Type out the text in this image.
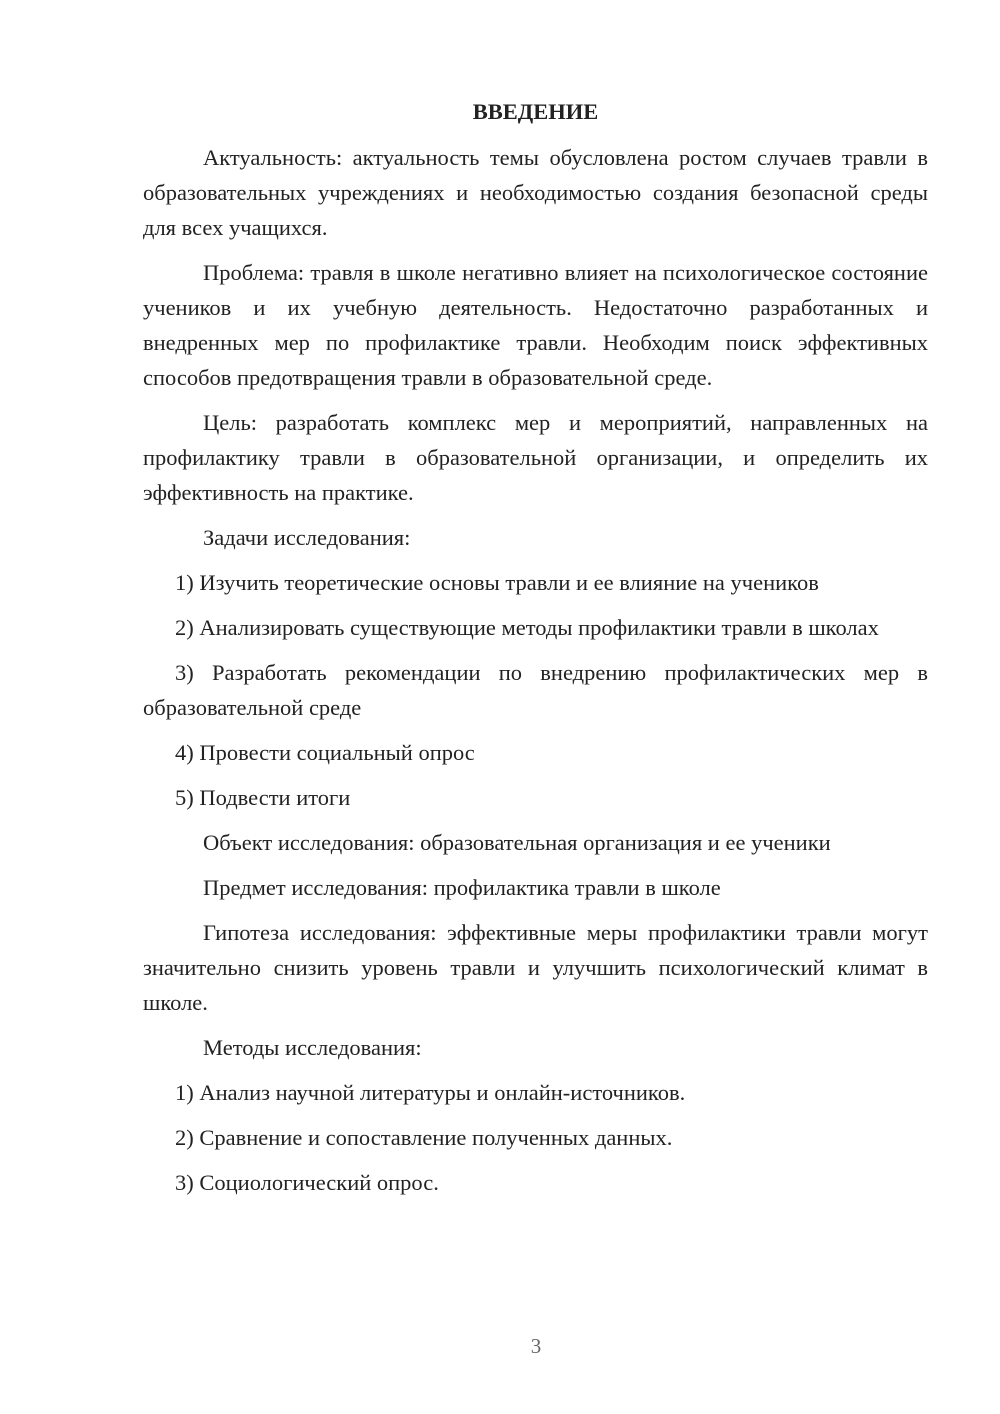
ВВЕДЕНИЕ

Актуальность: актуальность темы обусловлена ростом случаев травли в образовательных учреждениях и необходимостью создания безопасной среды для всех учащихся.

Проблема: травля в школе негативно влияет на психологическое состояние учеников и их учебную деятельность. Недостаточно разработанных и внедренных мер по профилактике травли. Необходим поиск эффективных способов предотвращения травли в образовательной среде.

Цель: разработать комплекс мер и мероприятий, направленных на профилактику травли в образовательной организации, и определить их эффективность на практике.

Задачи исследования:

1) Изучить теоретические основы травли и ее влияние на учеников

2) Анализировать существующие методы профилактики травли в школах

3) Разработать рекомендации по внедрению профилактических мер в образовательной среде

4) Провести социальный опрос

5) Подвести итоги

Объект исследования: образовательная организация и ее ученики

Предмет исследования: профилактика травли в школе

Гипотеза исследования: эффективные меры профилактики травли могут значительно снизить уровень травли и улучшить психологический климат в школе.

Методы исследования:

1) Анализ научной литературы и онлайн-источников.

2) Сравнение и сопоставление полученных данных.

3) Социологический опрос.

3
